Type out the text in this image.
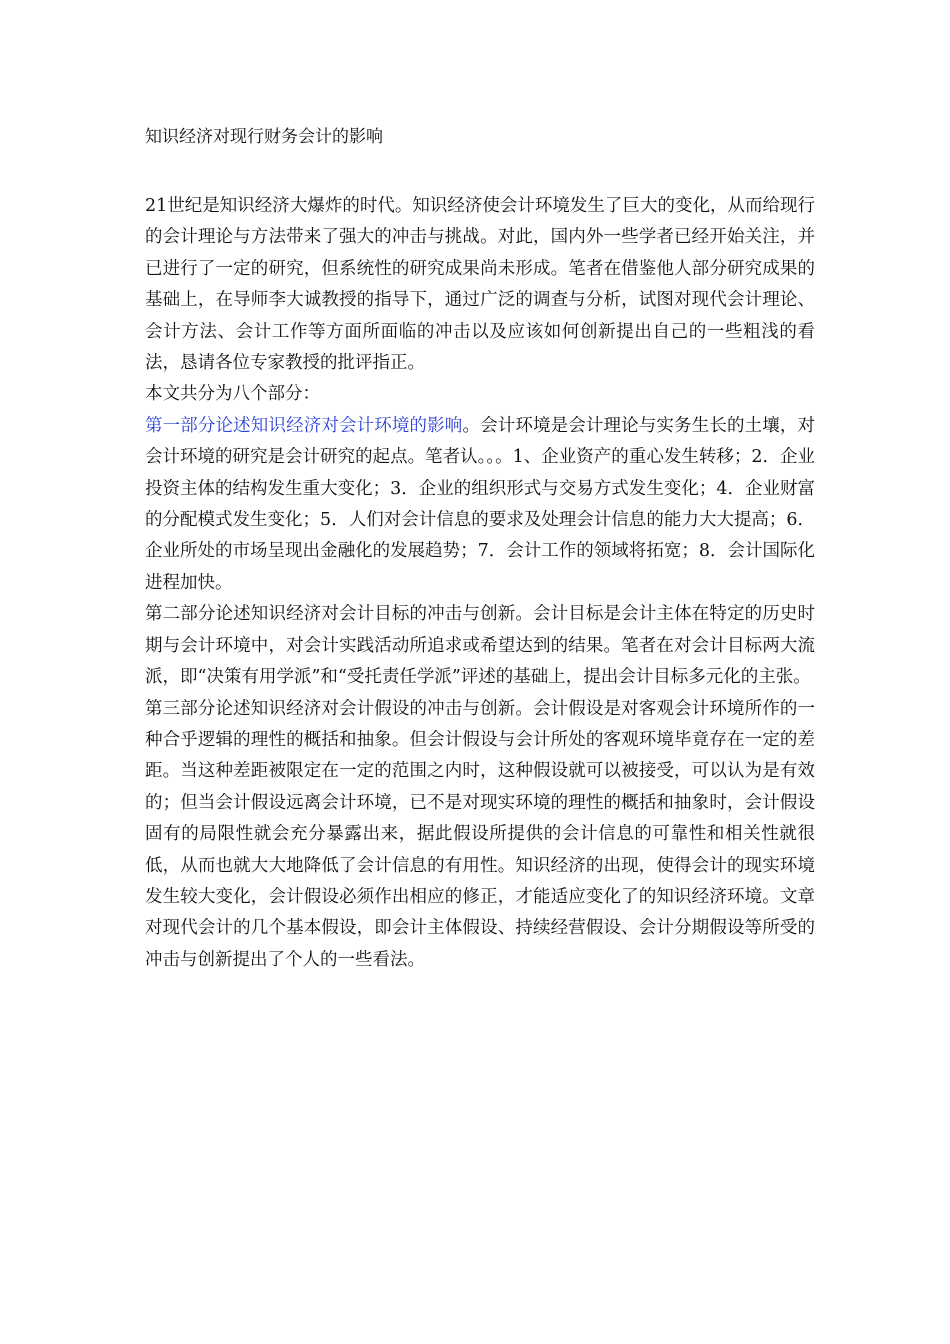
知识经济对现行财务会计的影响

21世纪是知识经济大爆炸的时代。知识经济使会计环境发生了巨大的变化，从而给现行的会计理论与方法带来了强大的冲击与挑战。对此，国内外一些学者已经开始关注，并已进行了一定的研究，但系统性的研究成果尚未形成。笔者在借鉴他人部分研究成果的基础上，在导师李大诚教授的指导下，通过广泛的调查与分析，试图对现代会计理论、会计方法、会计工作等方面所面临的冲击以及应该如何创新提出自己的一些粗浅的看法，恳请各位专家教授的批评指正。

本文共分为八个部分：

第一部分论述知识经济对会计环境的影响。会计环境是会计理论与实务生长的土壤，对会计环境的研究是会计研究的起点。笔者认。。。1、企业资产的重心发生转移；2．企业投资主体的结构发生重大变化；3．企业的组织形式与交易方式发生变化；4．企业财富的分配模式发生变化；5．人们对会计信息的要求及处理会计信息的能力大大提高；6．企业所处的市场呈现出金融化的发展趋势；7．会计工作的领域将拓宽；8．会计国际化进程加快。

第二部分论述知识经济对会计目标的冲击与创新。会计目标是会计主体在特定的历史时期与会计环境中，对会计实践活动所追求或希望达到的结果。笔者在对会计目标两大流派，即“决策有用学派”和“受托责任学派”评述的基础上，提出会计目标多元化的主张。

第三部分论述知识经济对会计假设的冲击与创新。会计假设是对客观会计环境所作的一种合乎逻辑的理性的概括和抽象。但会计假设与会计所处的客观环境毕竟存在一定的差距。当这种差距被限定在一定的范围之内时，这种假设就可以被接受，可以认为是有效的；但当会计假设远离会计环境，已不是对现实环境的理性的概括和抽象时，会计假设固有的局限性就会充分暴露出来，据此假设所提供的会计信息的可靠性和相关性就很低，从而也就大大地降低了会计信息的有用性。知识经济的出现，使得会计的现实环境发生较大变化，会计假设必须作出相应的修正，才能适应变化了的知识经济环境。文章对现代会计的几个基本假设，即会计主体假设、持续经营假设、会计分期假设等所受的冲击与创新提出了个人的一些看法。
